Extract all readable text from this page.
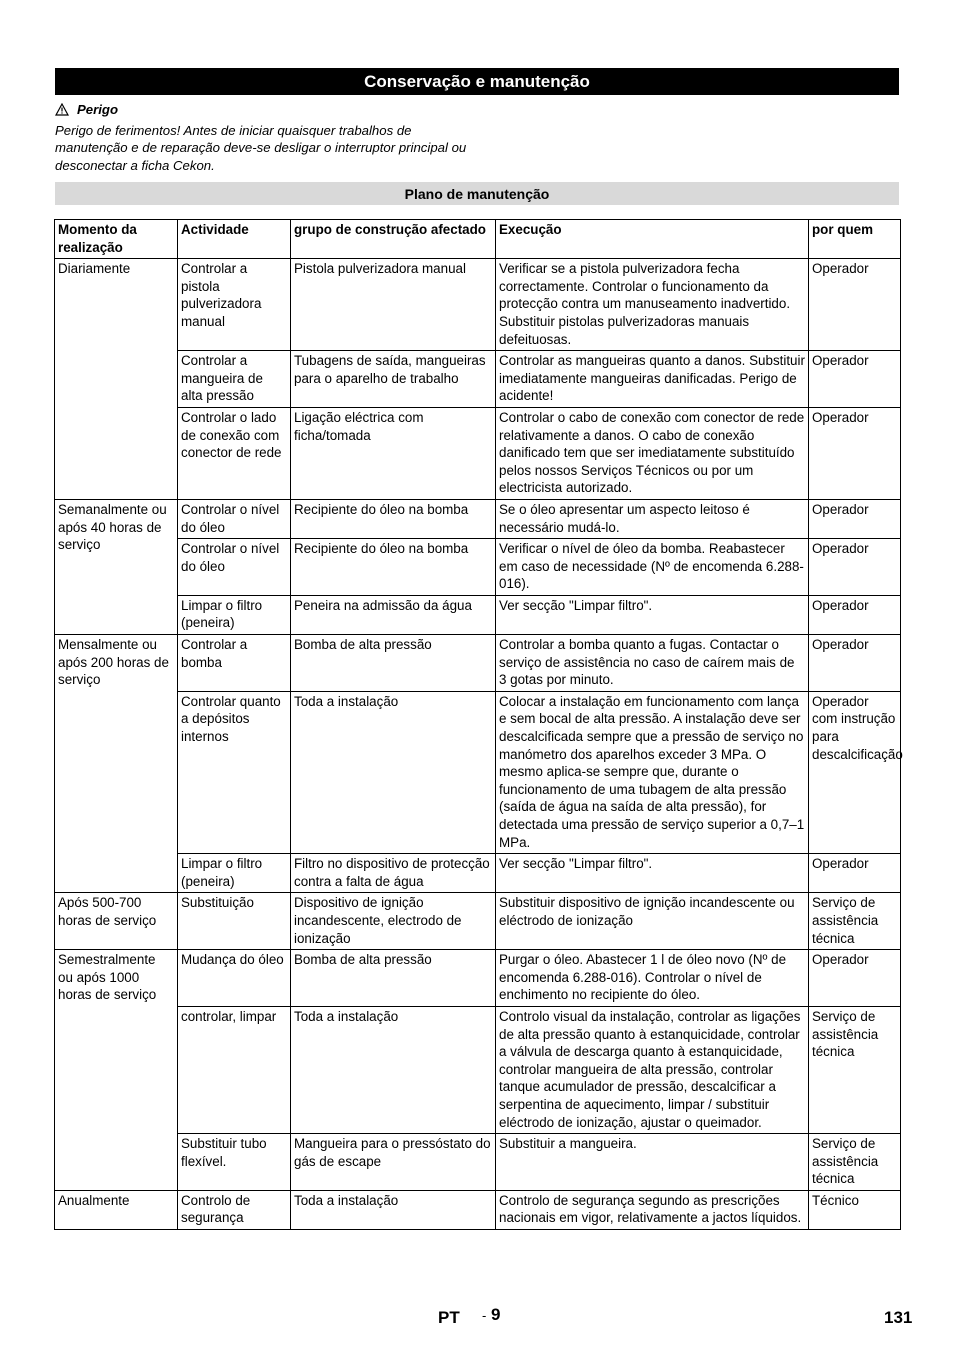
Conservação e manutenção
Perigo
Perigo de ferimentos! Antes de iniciar quaisquer trabalhos de manutenção e de reparação deve-se desligar o interruptor principal ou desconectar a ficha Cekon.
Plano de manutenção
Momento da realização	Actividade	grupo de construção afectado	Execução	por quem
Diariamente	Controlar a pistola pulverizadora manual	Pistola pulverizadora manual	Verificar se a pistola pulverizadora fecha correctamente. Controlar o funcionamento da protecção contra um manuseamento inadvertido. Substituir pistolas pulverizadoras manuais defeituosas.	Operador
	Controlar a mangueira de alta pressão	Tubagens de saída, mangueiras para o aparelho de trabalho	Controlar as mangueiras quanto a danos. Substituir imediatamente mangueiras danificadas. Perigo de acidente!	Operador
	Controlar o lado de conexão com conector de rede	Ligação eléctrica com ficha/tomada	Controlar o cabo de conexão com conector de rede relativamente a danos. O cabo de conexão danificado tem que ser imediatamente substituído pelos nossos Serviços Técnicos ou por um electricista autorizado.	Operador
Semanalmente ou após 40 horas de serviço	Controlar o nível do óleo	Recipiente do óleo na bomba	Se o óleo apresentar um aspecto leitoso é necessário mudá-lo.	Operador
	Controlar o nível do óleo	Recipiente do óleo na bomba	Verificar o nível de óleo da bomba. Reabastecer em caso de necessidade (Nº de encomenda 6.288-016).	Operador
	Limpar o filtro (peneira)	Peneira na admissão da água	Ver secção "Limpar filtro".	Operador
Mensalmente ou após 200 horas de serviço	Controlar a bomba	Bomba de alta pressão	Controlar a bomba quanto a fugas. Contactar o serviço de assistência no caso de caírem mais de 3 gotas por minuto.	Operador
	Controlar quanto a depósitos internos	Toda a instalação	Colocar a instalação em funcionamento com lança e sem bocal de alta pressão. A instalação deve ser descalcificada sempre que a pressão de serviço no manómetro dos aparelhos exceder 3 MPa. O mesmo aplica-se sempre que, durante o funcionamento de uma tubagem de alta pressão (saída de água na saída de alta pressão), for detectada uma pressão de serviço superior a 0,7–1 MPa.	Operador com instrução para descalcificação
	Limpar o filtro (peneira)	Filtro no dispositivo de protecção contra a falta de água	Ver secção "Limpar filtro".	Operador
Após 500-700 horas de serviço	Substituição	Dispositivo de ignição incandescente, electrodo de ionização	Substituir dispositivo de ignição incandescente ou eléctrodo de ionização	Serviço de assistência técnica
Semestralmente ou após 1000 horas de serviço	Mudança do óleo	Bomba de alta pressão	Purgar o óleo. Abastecer 1 l de óleo novo (Nº de encomenda 6.288-016). Controlar o nível de enchimento no recipiente do óleo.	Operador
	controlar, limpar	Toda a instalação	Controlo visual da instalação, controlar as ligações de alta pressão quanto à estanquicidade, controlar a válvula de descarga quanto à estanquicidade, controlar mangueira de alta pressão, controlar tanque acumulador de pressão, descalcificar a serpentina de aquecimento, limpar / substituir eléctrodo de ionização, ajustar o queimador.	Serviço de assistência técnica
	Substituir tubo flexível.	Mangueira para o pressóstato do gás de escape	Substituir a mangueira.	Serviço de assistência técnica
Anualmente	Controlo de segurança	Toda a instalação	Controlo de segurança segundo as prescrições nacionais em vigor, relativamente a jactos líquidos.	Técnico
PT - 9	131
